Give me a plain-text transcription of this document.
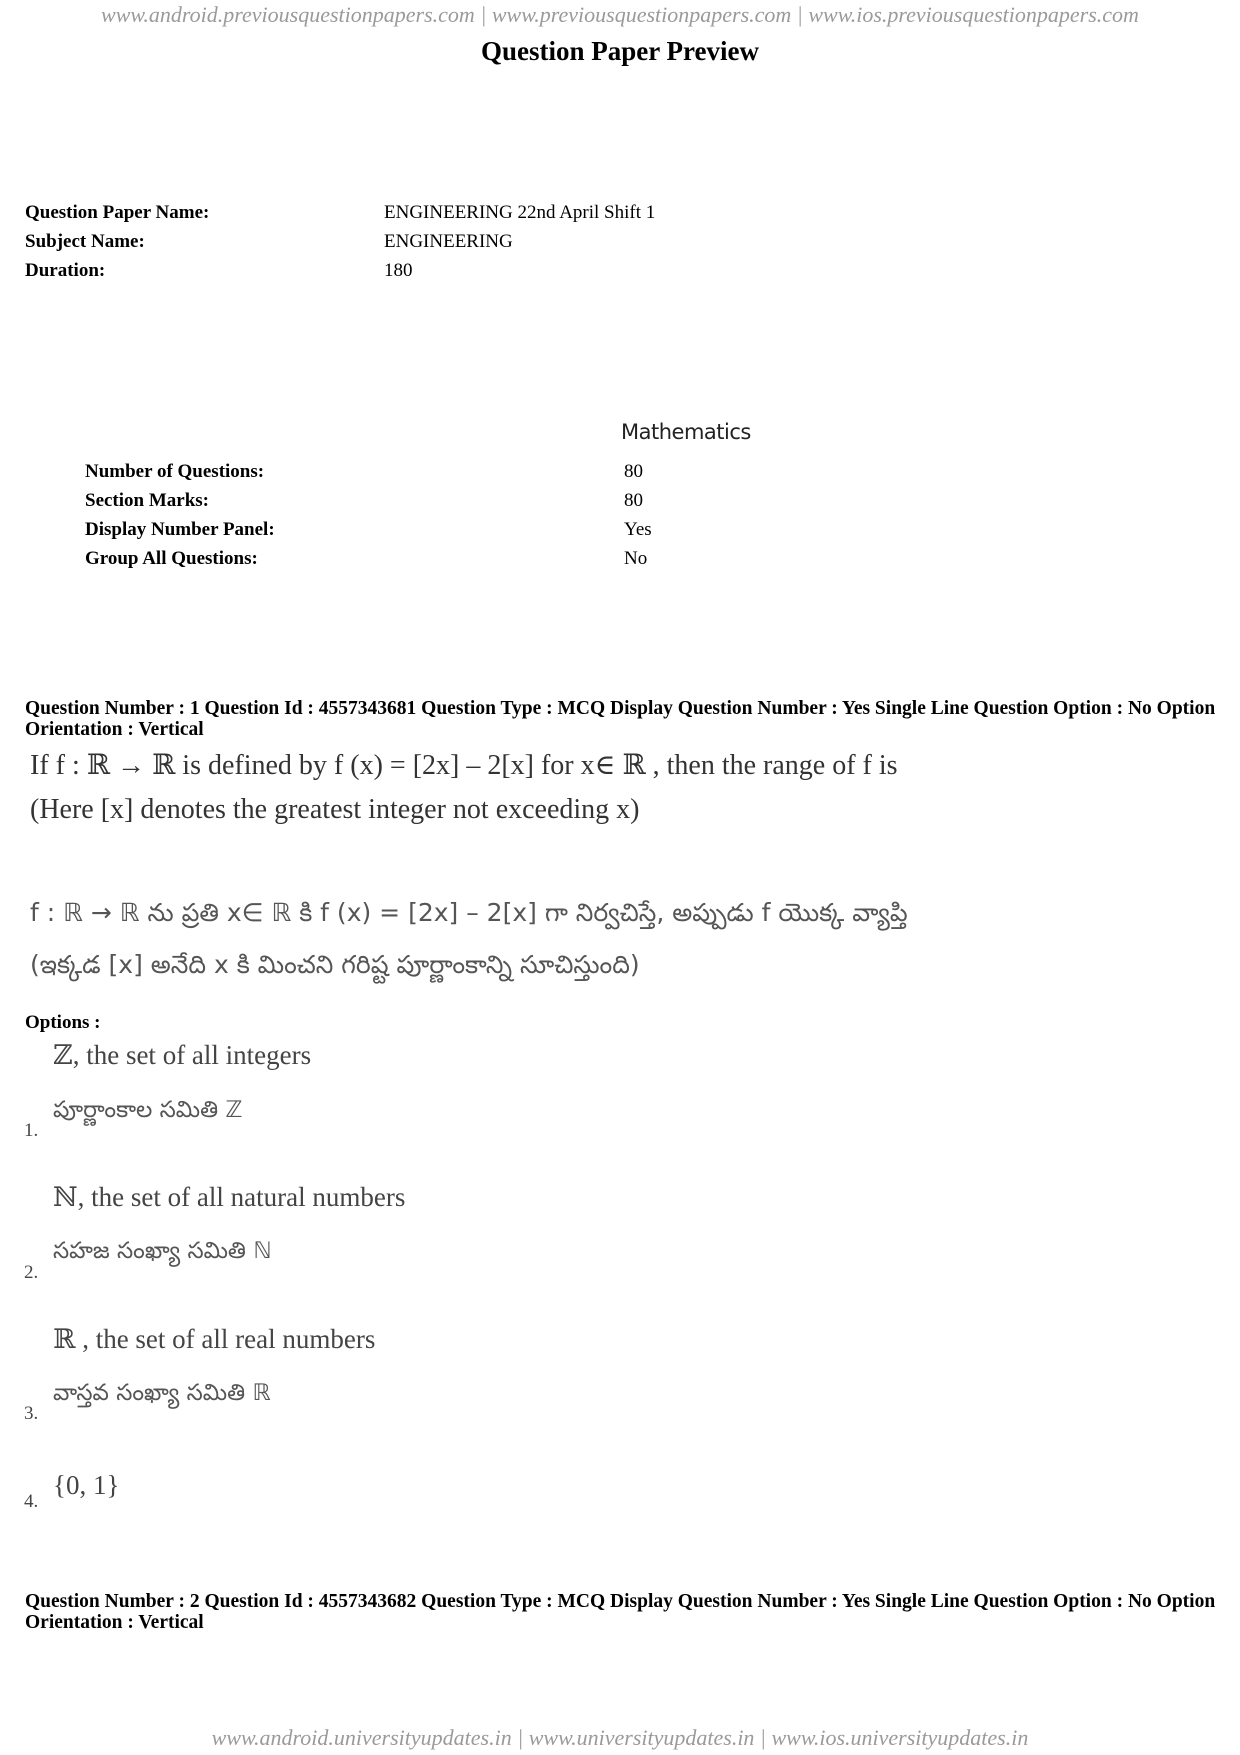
www.android.previousquestionpapers.com | www.previousquestionpapers.com | www.ios.previousquestionpapers.com
Question Paper Preview
Question Paper Name:	ENGINEERING 22nd April Shift 1
Subject Name:	ENGINEERING
Duration:	180
Mathematics
Number of Questions:	80
Section Marks:	80
Display Number Panel:	Yes
Group All Questions:	No
Question Number : 1 Question Id : 4557343681 Question Type : MCQ Display Question Number : Yes Single Line Question Option : No Option Orientation : Vertical
If f : ℝ → ℝ is defined by f (x) = [2x] – 2[x] for x∈ ℝ , then the range of f is
(Here [x] denotes the greatest integer not exceeding x)
f : ℝ → ℝ ను ప్రతి x∈ ℝ కి f (x) = [2x] – 2[x] గా నిర్వచిస్తే, అప్పుడు f యొక్క వ్యాప్తి
(ఇక్కడ [x] అనేది x కి మించని గరిష్ట పూర్ణాంకాన్ని సూచిస్తుంది)
Options :
ℤ, the set of all integers
పూర్ణాంకాల సమితి ℤ
1.
ℕ, the set of all natural numbers
సహజ సంఖ్యా సమితి ℕ
2.
ℝ , the set of all real numbers
వాస్తవ సంఖ్యా సమితి ℝ
3.
{0, 1}
4.
Question Number : 2 Question Id : 4557343682 Question Type : MCQ Display Question Number : Yes Single Line Question Option : No Option Orientation : Vertical
www.android.universityupdates.in | www.universityupdates.in | www.ios.universityupdates.in
